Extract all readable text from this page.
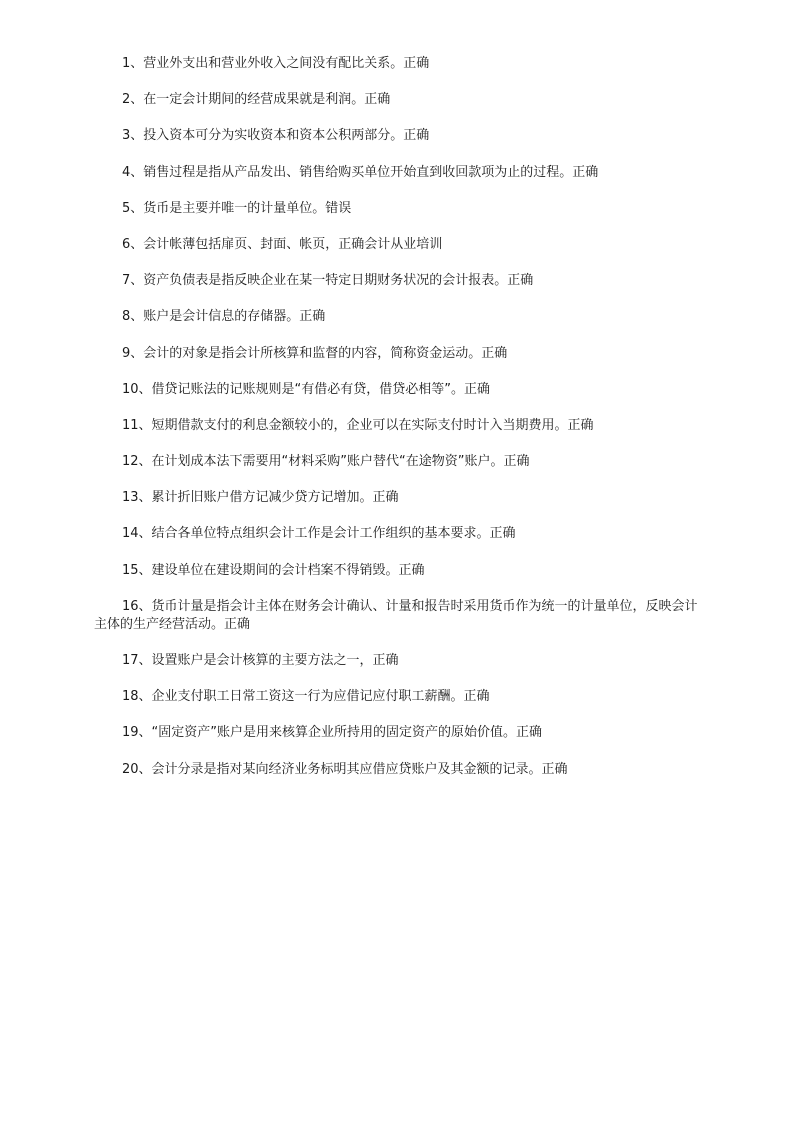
1、营业外支出和营业外收入之间没有配比关系。正确
2、在一定会计期间的经营成果就是利润。正确
3、投入资本可分为实收资本和资本公积两部分。正确
4、销售过程是指从产品发出、销售给购买单位开始直到收回款项为止的过程。正确
5、货币是主要并唯一的计量单位。错误
6、会计帐薄包括扉页、封面、帐页，正确会计从业培训
7、资产负债表是指反映企业在某一特定日期财务状况的会计报表。正确
8、账户是会计信息的存储器。正确
9、会计的对象是指会计所核算和监督的内容，简称资金运动。正确
10、借贷记账法的记账规则是“有借必有贷，借贷必相等”。正确
11、短期借款支付的利息金额较小的，企业可以在实际支付时计入当期费用。正确
12、在计划成本法下需要用“材料采购”账户替代“在途物资”账户。正确
13、累计折旧账户借方记减少贷方记增加。正确
14、结合各单位特点组织会计工作是会计工作组织的基本要求。正确
15、建设单位在建设期间的会计档案不得销毁。正确
16、货币计量是指会计主体在财务会计确认、计量和报告时采用货币作为统一的计量单位，反映会计主体的生产经营活动。正确
17、设置账户是会计核算的主要方法之一，正确
18、企业支付职工日常工资这一行为应借记应付职工薪酬。正确
19、“固定资产”账户是用来核算企业所持用的固定资产的原始价值。正确
20、会计分录是指对某向经济业务标明其应借应贷账户及其金额的记录。正确
